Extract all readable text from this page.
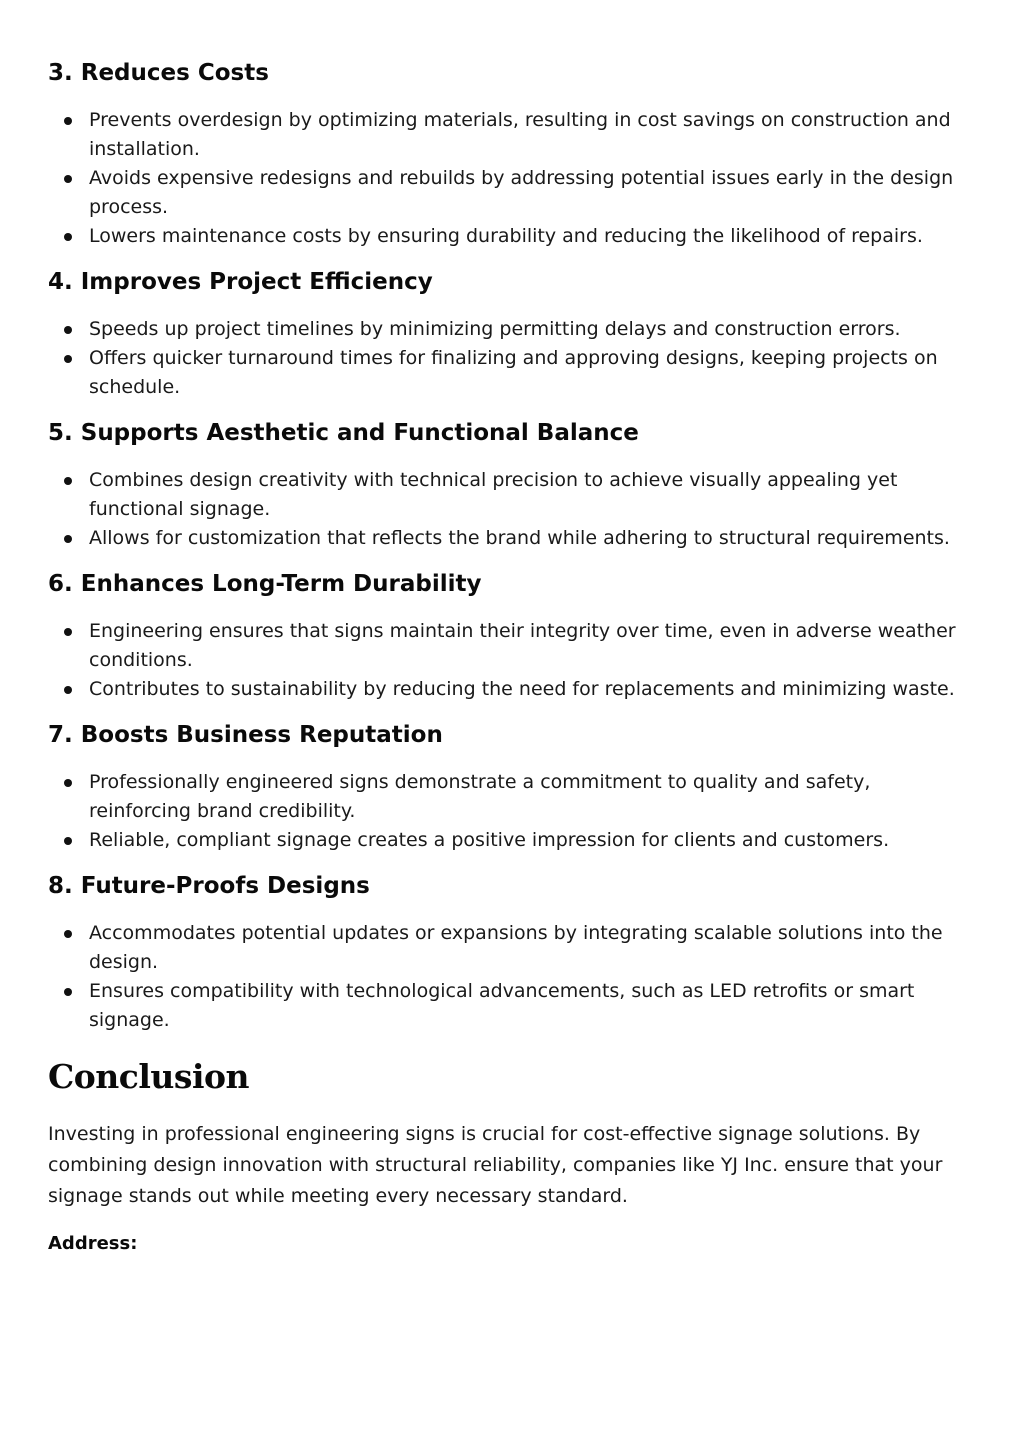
3. Reduces Costs
Prevents overdesign by optimizing materials, resulting in cost savings on construction and installation.
Avoids expensive redesigns and rebuilds by addressing potential issues early in the design process.
Lowers maintenance costs by ensuring durability and reducing the likelihood of repairs.
4. Improves Project Efficiency
Speeds up project timelines by minimizing permitting delays and construction errors.
Offers quicker turnaround times for finalizing and approving designs, keeping projects on schedule.
5. Supports Aesthetic and Functional Balance
Combines design creativity with technical precision to achieve visually appealing yet functional signage.
Allows for customization that reflects the brand while adhering to structural requirements.
6. Enhances Long-Term Durability
Engineering ensures that signs maintain their integrity over time, even in adverse weather conditions.
Contributes to sustainability by reducing the need for replacements and minimizing waste.
7. Boosts Business Reputation
Professionally engineered signs demonstrate a commitment to quality and safety, reinforcing brand credibility.
Reliable, compliant signage creates a positive impression for clients and customers.
8. Future-Proofs Designs
Accommodates potential updates or expansions by integrating scalable solutions into the design.
Ensures compatibility with technological advancements, such as LED retrofits or smart signage.
Conclusion

Investing in professional engineering signs is crucial for cost-effective signage solutions. By combining design innovation with structural reliability, companies like YJ Inc. ensure that your signage stands out while meeting every necessary standard.

Address:
